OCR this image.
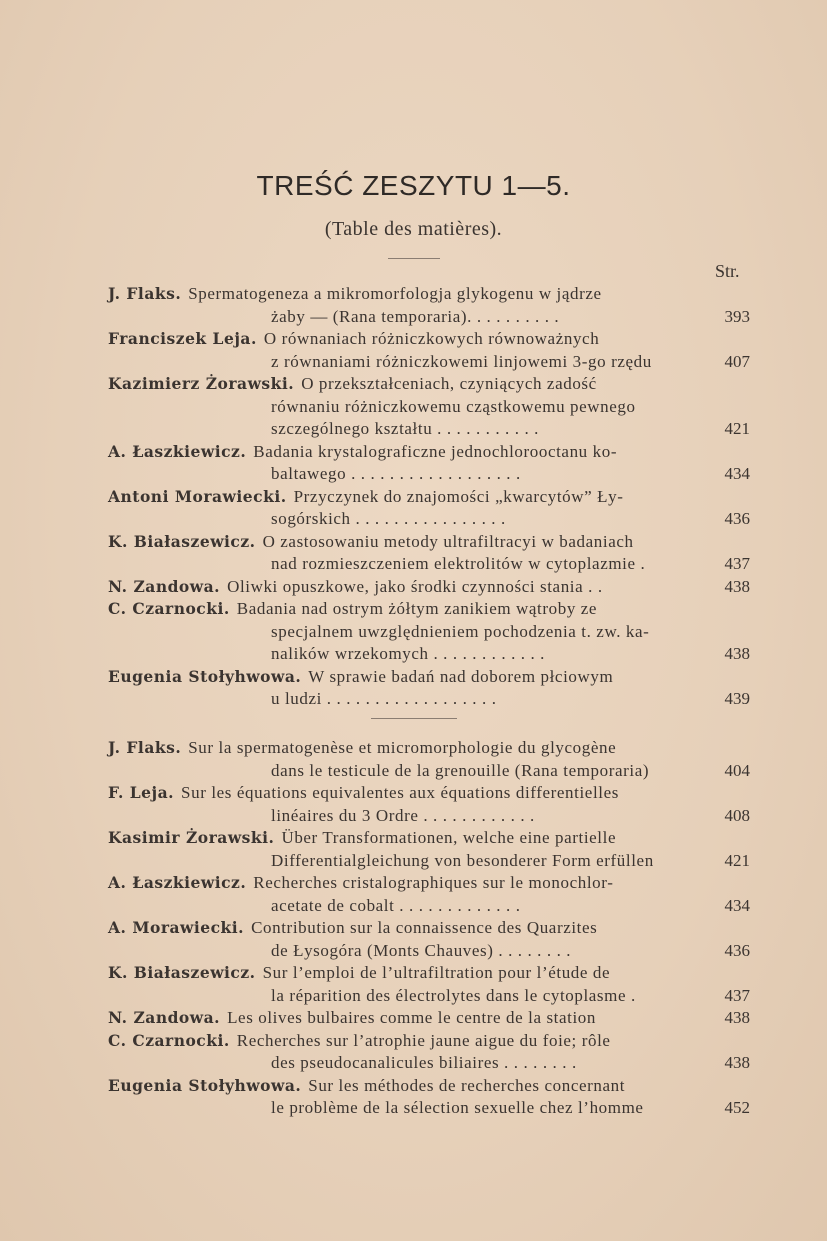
TREŚĆ ZESZYTU 1—5.
(Table des matières).
Str.
J. Flaks. Spermatogeneza a mikromorfologja glykogenu w jądrze
żaby — (Rana temporaria). . . . . . . . . .	393
Franciszek Leja. O równaniach różniczkowych równoważnych
z równaniami różniczkowemi linjowemi 3-go rzędu	407
Kazimierz Żorawski. O przekształceniach, czyniących zadość
równaniu różniczkowemu cząstkowemu pewnego
szczególnego kształtu . . . . . . . . . . .	421
A. Łaszkiewicz. Badania krystalograficzne jednochlorooctanu ko-
baltawego . . . . . . . . . . . . . . . . . .	434
Antoni Morawiecki. Przyczynek do znajomości „kwarcytów” Ły-
sogórskich . . . . . . . . . . . . . . . .	436
K. Białaszewicz. O zastosowaniu metody ultrafiltracyi w badaniach
nad rozmieszczeniem elektrolitów w cytoplazmie .	437
N. Zandowa. Oliwki opuszkowe, jako środki czynności stania . .	438
C. Czarnocki. Badania nad ostrym żółtym zanikiem wątroby ze
specjalnem uwzględnieniem pochodzenia t. zw. ka-
nalików wrzekomych . . . . . . . . . . . .	438
Eugenia Stołyhwowa. W sprawie badań nad doborem płciowym
u ludzi . . . . . . . . . . . . . . . . . .	439
J. Flaks. Sur la spermatogenèse et micromorphologie du glycogène
dans le testicule de la grenouille (Rana temporaria)	404
F. Leja. Sur les équations equivalentes aux équations differentielles
linéaires du 3 Ordre . . . . . . . . . . . .	408
Kasimir Żorawski. Über Transformationen, welche eine partielle
Differentialgleichung von besonderer Form erfüllen	421
A. Łaszkiewicz. Recherches cristalographiques sur le monochlor-
acetate de cobalt . . . . . . . . . . . . .	434
A. Morawiecki. Contribution sur la connaissence des Quarzites
de Łysogóra (Monts Chauves) . . . . . . . .	436
K. Białaszewicz. Sur l’emploi de l’ultrafiltration pour l’étude de
la réparition des électrolytes dans le cytoplasme .	437
N. Zandowa. Les olives bulbaires comme le centre de la station	438
C. Czarnocki. Recherches sur l’atrophie jaune aigue du foie; rôle
des pseudocanalicules biliaires . . . . . . . .	438
Eugenia Stołyhwowa. Sur les méthodes de recherches concernant
le problème de la sélection sexuelle chez l’homme	452
